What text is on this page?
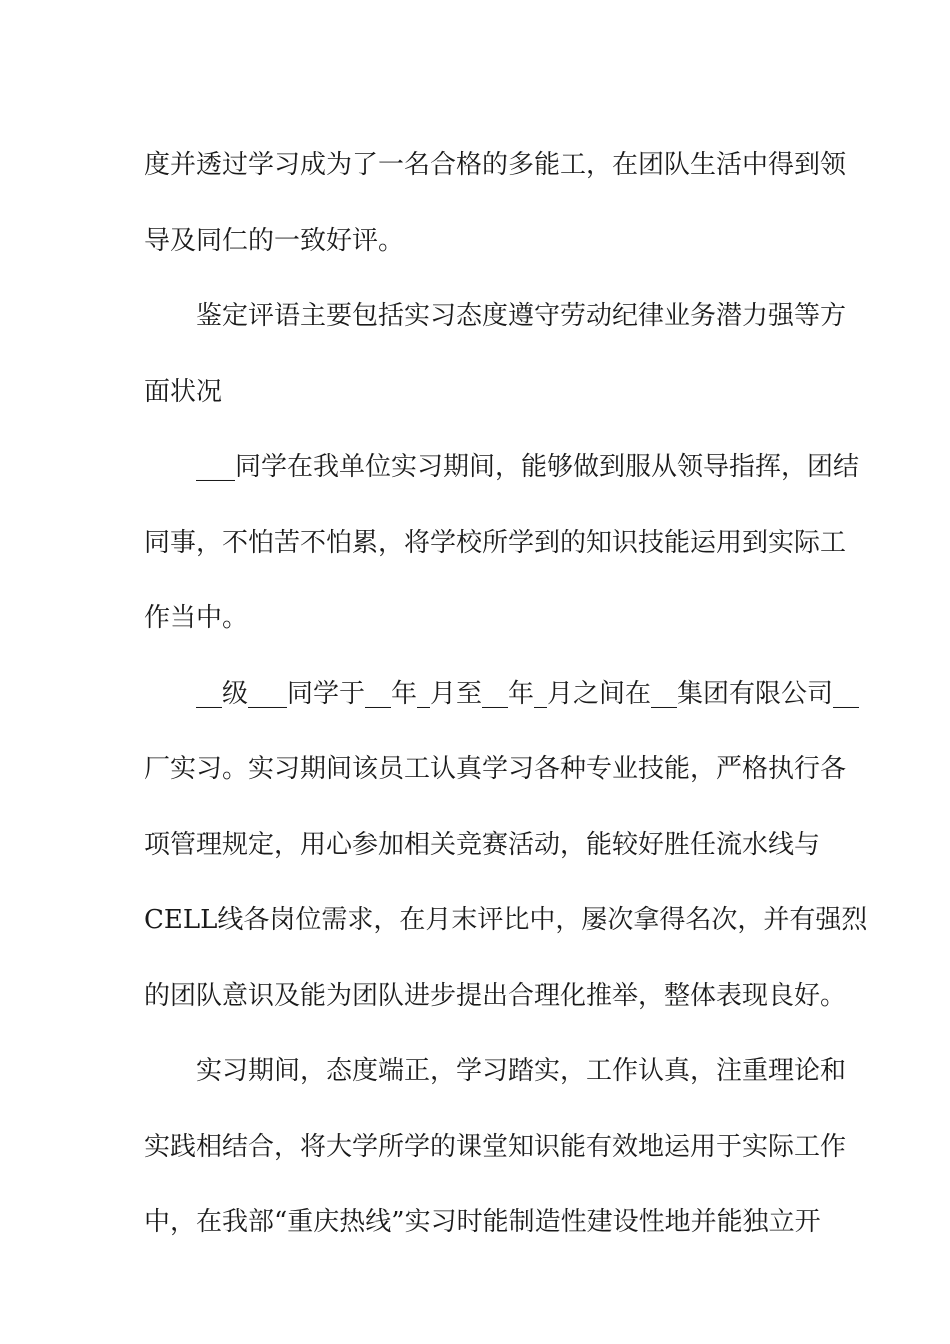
度并透过学习成为了一名合格的多能工，在团队生活中得到领
导及同仁的一致好评。
鉴定评语主要包括实习态度遵守劳动纪律业务潜力强等方
面状况
___同学在我单位实习期间，能够做到服从领导指挥，团结
同事，不怕苦不怕累，将学校所学到的知识技能运用到实际工
作当中。
__级___同学于__年_月至__年_月之间在__集团有限公司__
厂实习。实习期间该员工认真学习各种专业技能，严格执行各
项管理规定，用心参加相关竞赛活动，能较好胜任流水线与
CELL线各岗位需求，在月末评比中，屡次拿得名次，并有强烈
的团队意识及能为团队进步提出合理化推举，整体表现良好。
实习期间，态度端正，学习踏实，工作认真，注重理论和
实践相结合，将大学所学的课堂知识能有效地运用于实际工作
中，在我部“重庆热线”实习时能制造性建设性地并能独立开
